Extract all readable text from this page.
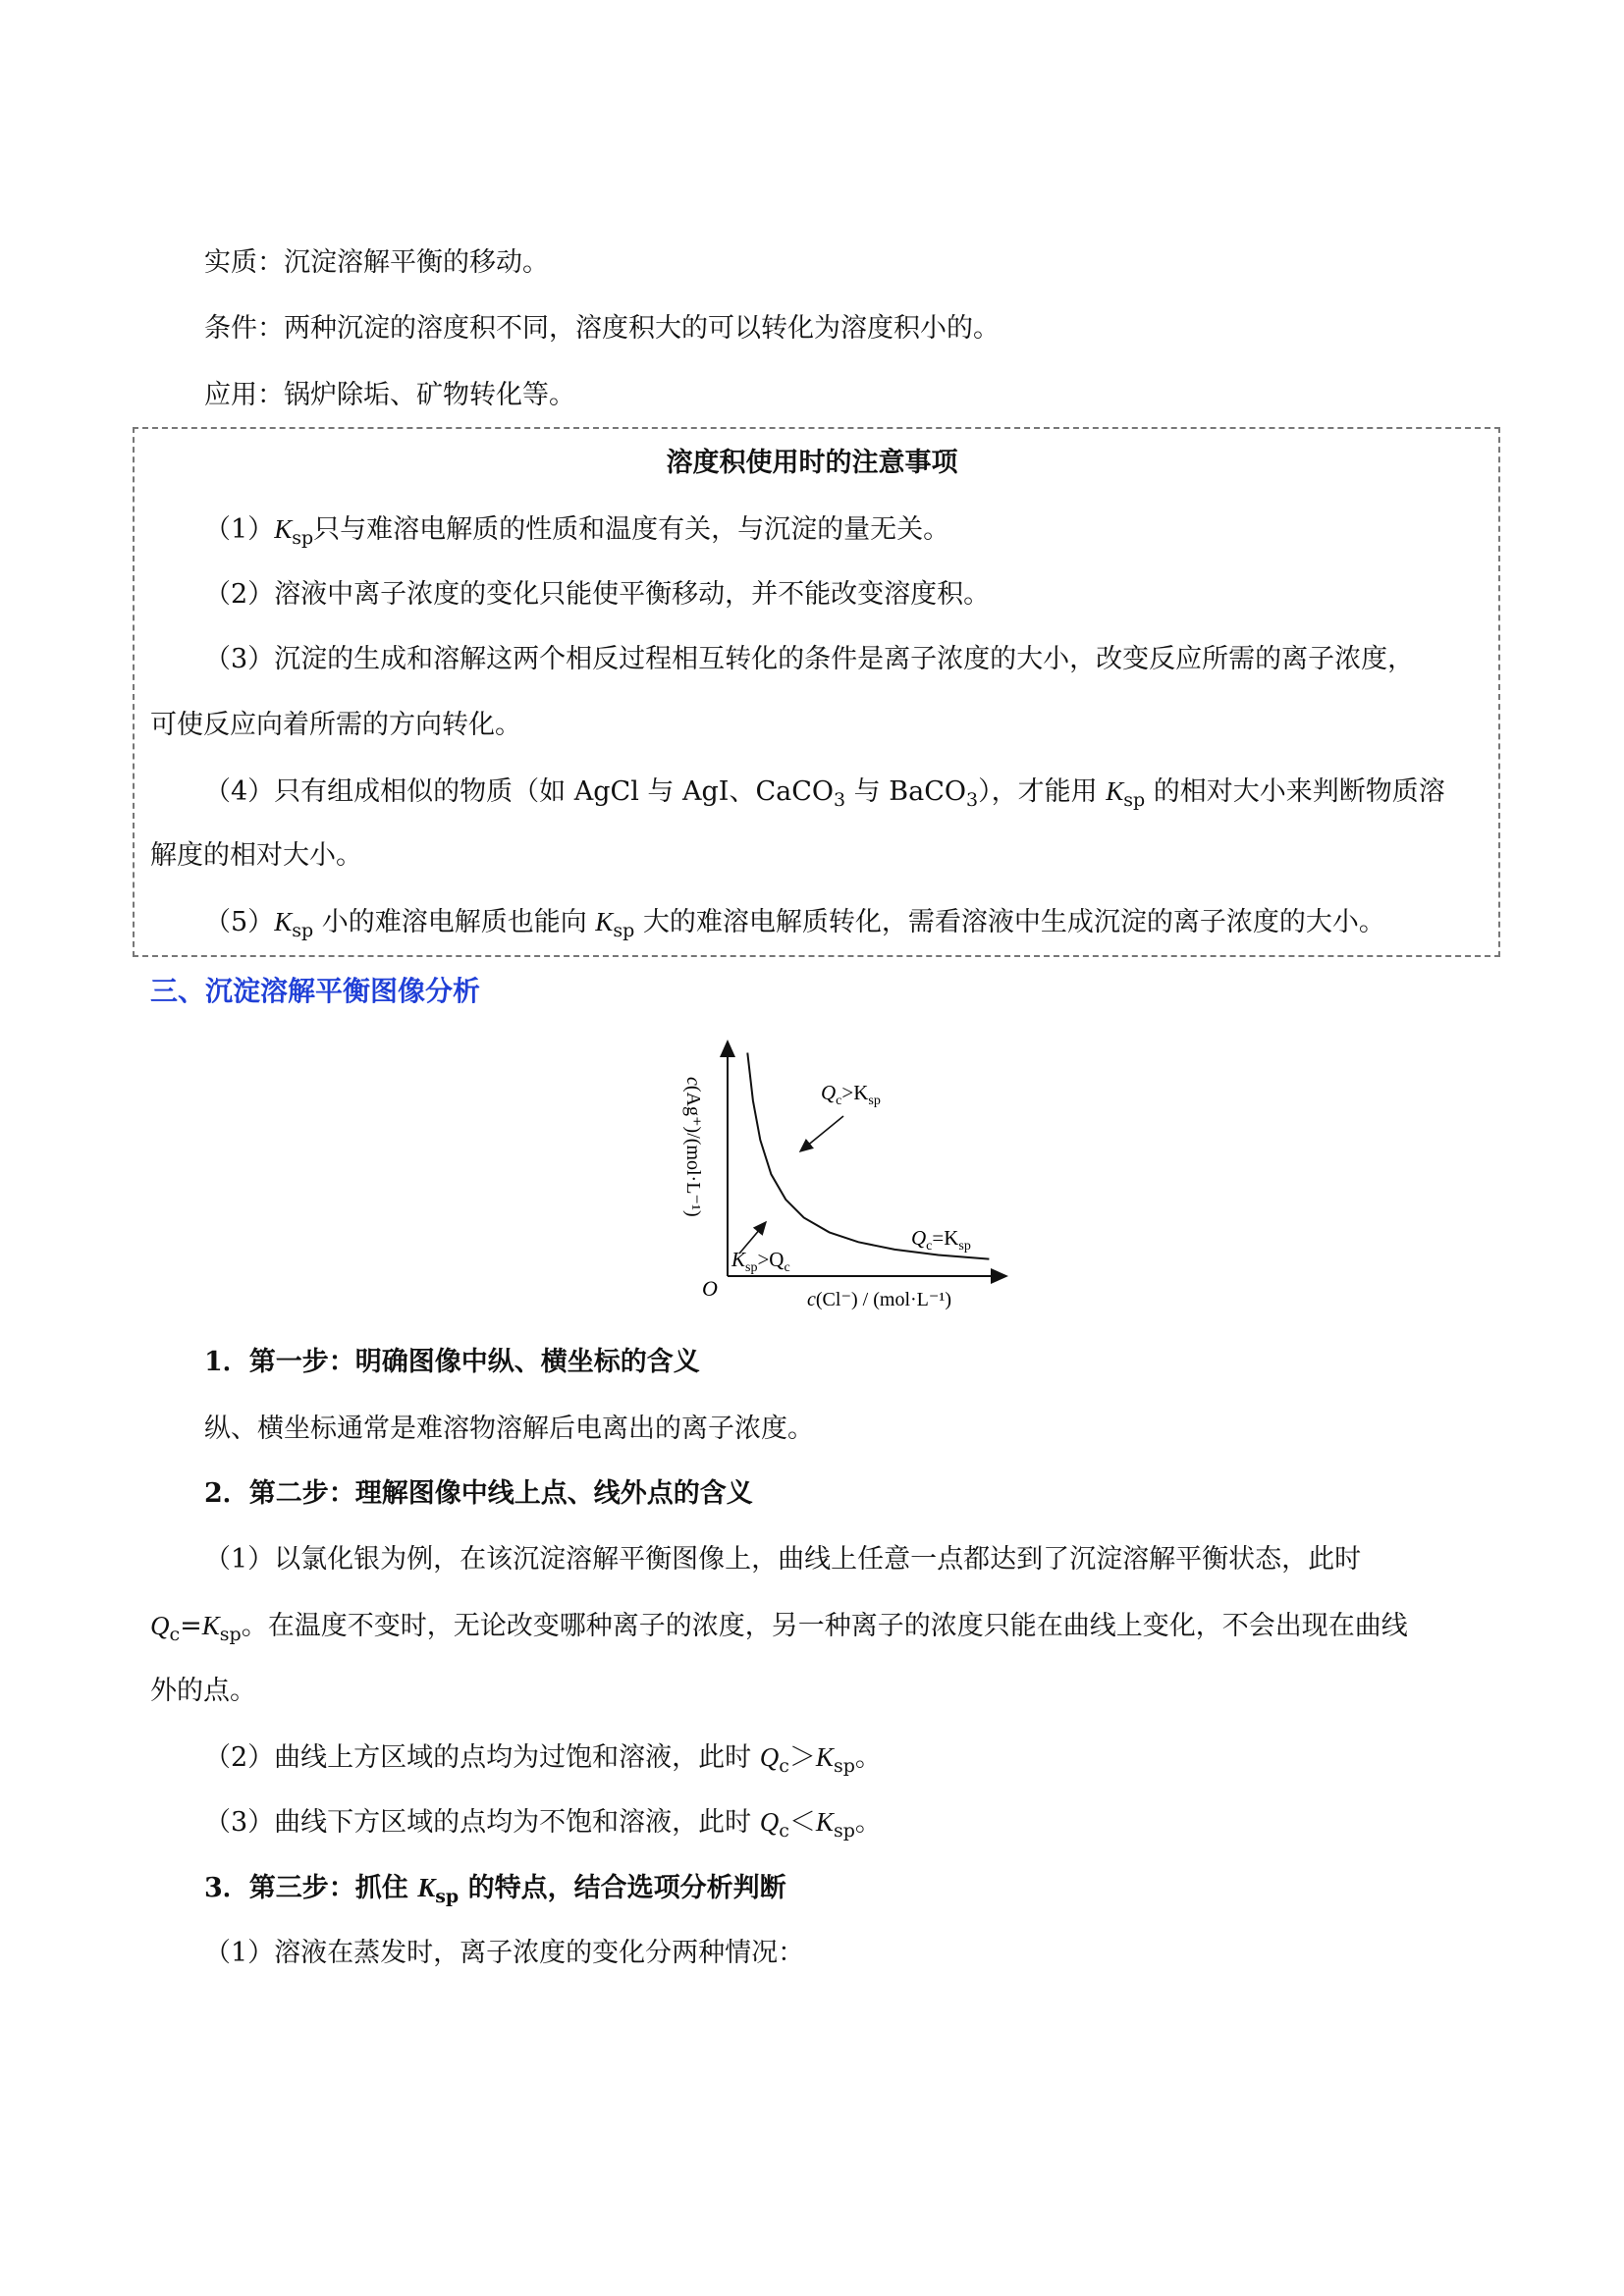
实质：沉淀溶解平衡的移动。
条件：两种沉淀的溶度积不同，溶度积大的可以转化为溶度积小的。
应用：锅炉除垢、矿物转化等。
溶度积使用时的注意事项
$(1)K_{sp}$只与难溶电解质的性质和温度有关，与沉淀的量无关。
（2）溶液中离子浓度的变化只能使平衡移动，并不能改变溶度积。
（3）沉淀的生成和溶解这两个相反过程相互转化的条件是离子浓度的大小，改变反应所需的离子浓度，
可使反应向着所需的方向转化。
（4）只有组成相似的物质（如 AgCl 与 AgI、CaCO$_3$ 与 BaCO$_3$），才能用 $K_{sp}$ 的相对大小来判断物质溶
解度的相对大小。
$(5)K_{sp}$ 小的难溶电解质也能向 $K_{sp}$ 大的难溶电解质转化，需看溶液中生成沉淀的离子浓度的大小。
三、沉淀溶解平衡图像分析
O
$Q_c>K_{sp}$
$Q_c=K_{sp}$
$K_{sp}>Q_c$
c(Cl⁻) / (mol·L⁻¹)
c(Ag⁺)/(mol·L⁻¹)
1．第一步：明确图像中纵、横坐标的含义
纵、横坐标通常是难溶物溶解后电离出的离子浓度。
2．第二步：理解图像中线上点、线外点的含义
（1）以氯化银为例，在该沉淀溶解平衡图像上，曲线上任意一点都达到了沉淀溶解平衡状态，此时
$Q_c=K_{sp}$。在温度不变时，无论改变哪种离子的浓度，另一种离子的浓度只能在曲线上变化，不会出现在曲线
外的点。
（2）曲线上方区域的点均为过饱和溶液，此时 $Q_c>K_{sp}$。
（3）曲线下方区域的点均为不饱和溶液，此时 $Q_c<K_{sp}$。
3．第三步：抓住 $K_{sp}$ 的特点，结合选项分析判断
（1）溶液在蒸发时，离子浓度的变化分两种情况：
